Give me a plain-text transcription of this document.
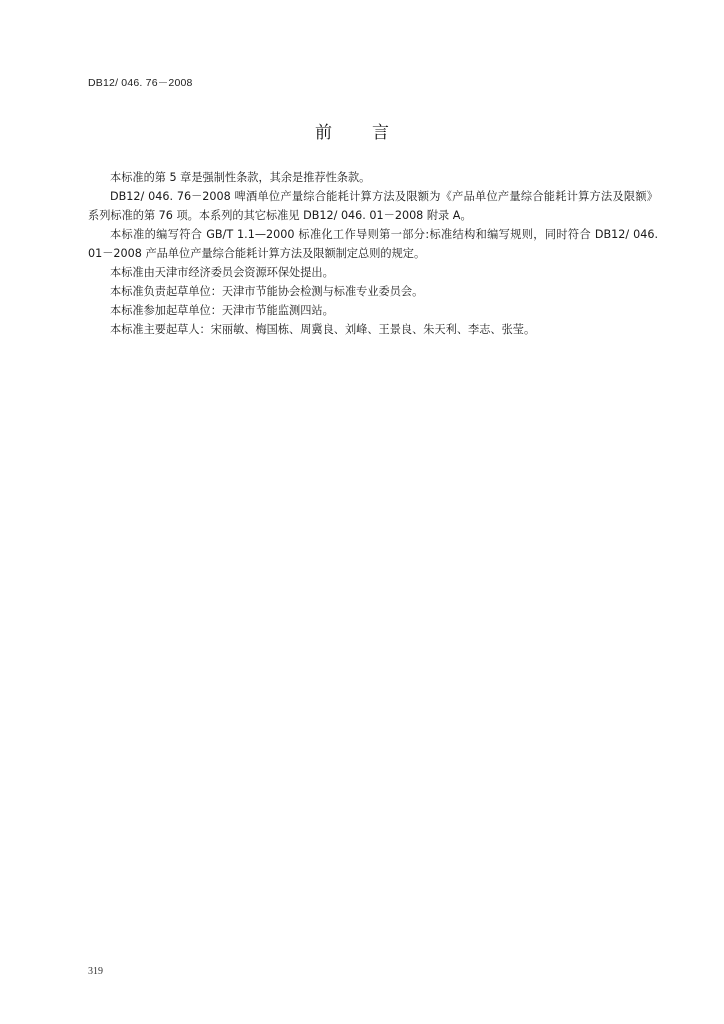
DB12/ 046. 76－2008
前言

本标准的第 5 章是强制性条款，其余是推荐性条款。

DB12/ 046. 76－2008 啤酒单位产量综合能耗计算方法及限额为《产品单位产量综合能耗计算方法及限额》系列标准的第 76 项。本系列的其它标准见 DB12/ 046. 01－2008 附录 A。

本标准的编写符合 GB/T 1.1—2000 标准化工作导则第一部分:标准结构和编写规则，同时符合 DB12/ 046. 01－2008 产品单位产量综合能耗计算方法及限额制定总则的规定。

本标准由天津市经济委员会资源环保处提出。

本标准负责起草单位：天津市节能协会检测与标准专业委员会。

本标准参加起草单位：天津市节能监测四站。

本标准主要起草人：宋丽敏、梅国栋、周冀良、刘峰、王景良、朱天利、李志、张莹。

319
